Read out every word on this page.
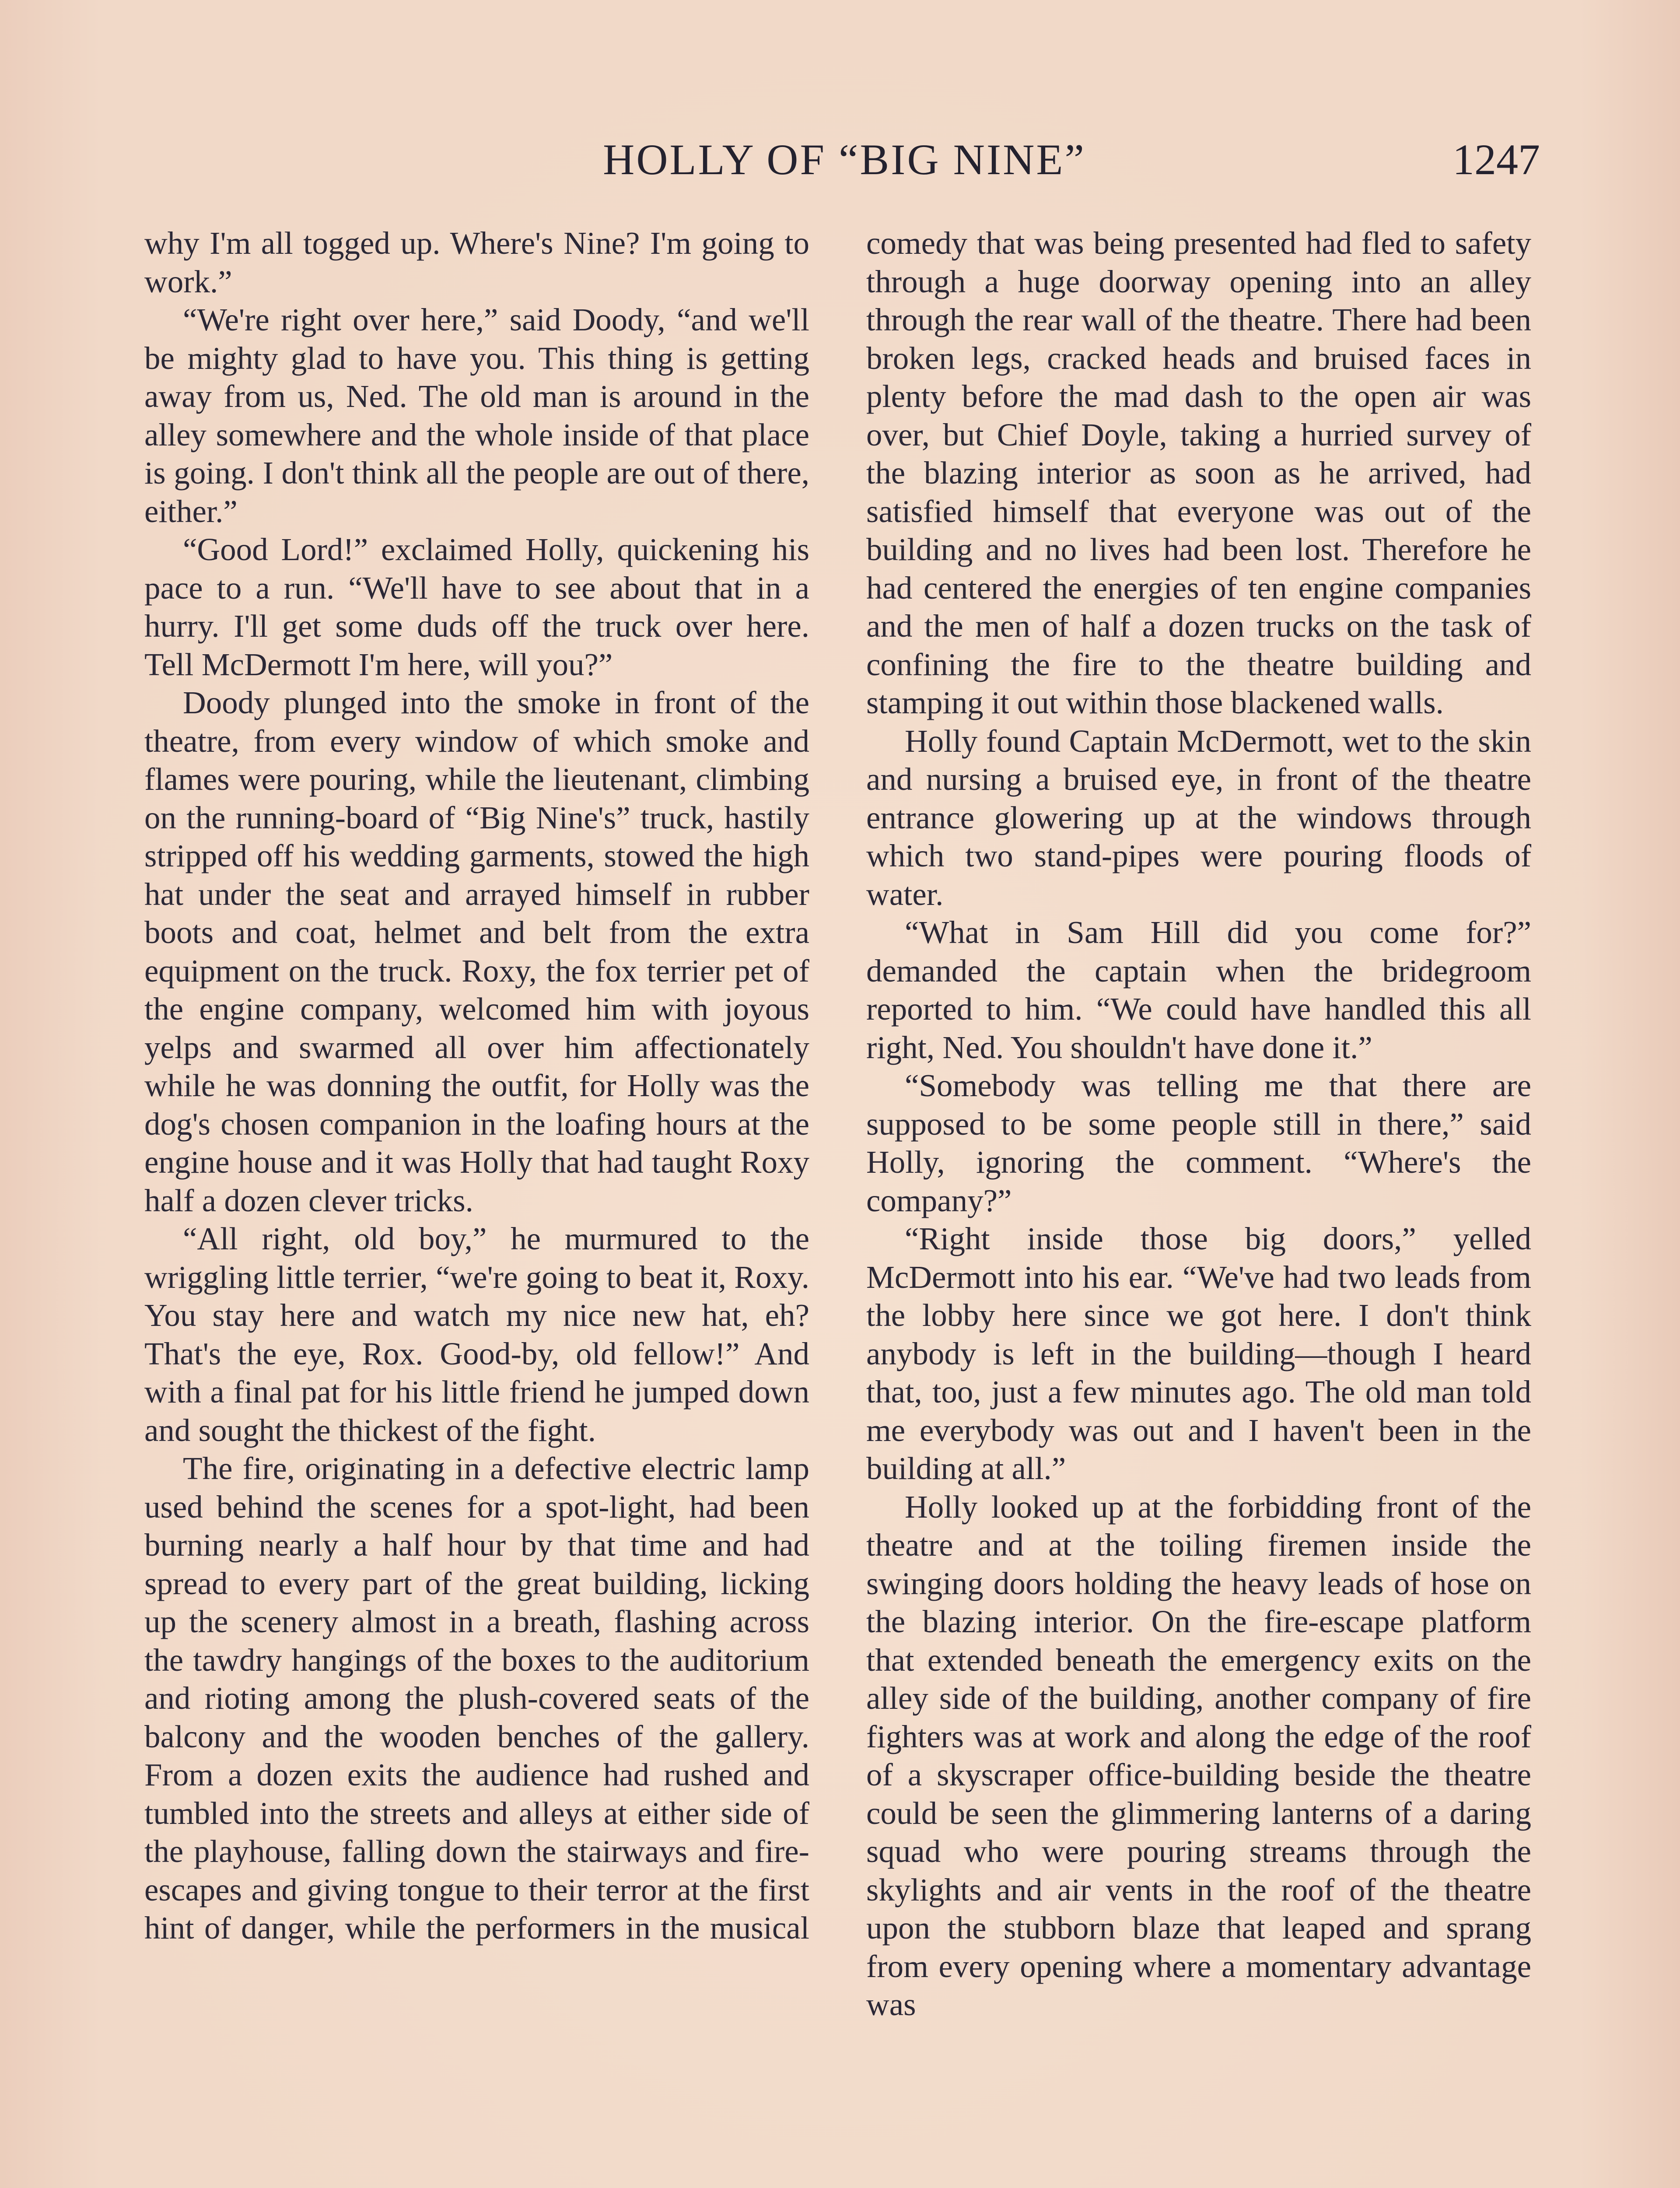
HOLLY OF “BIG NINE”	1247

why I'm all togged up. Where's Nine? I'm going to work.”

“We're right over here,” said Doody, “and we'll be mighty glad to have you. This thing is getting away from us, Ned. The old man is around in the alley somewhere and the whole inside of that place is going. I don't think all the people are out of there, either.”

“Good Lord!” exclaimed Holly, quickening his pace to a run. “We'll have to see about that in a hurry. I'll get some duds off the truck over here. Tell McDermott I'm here, will you?”

Doody plunged into the smoke in front of the theatre, from every window of which smoke and flames were pouring, while the lieutenant, climbing on the running-board of “Big Nine's” truck, hastily stripped off his wedding garments, stowed the high hat under the seat and arrayed himself in rubber boots and coat, helmet and belt from the extra equipment on the truck. Roxy, the fox terrier pet of the engine company, welcomed him with joyous yelps and swarmed all over him affectionately while he was donning the outfit, for Holly was the dog's chosen companion in the loafing hours at the engine house and it was Holly that had taught Roxy half a dozen clever tricks.

“All right, old boy,” he murmured to the wriggling little terrier, “we're going to beat it, Roxy. You stay here and watch my nice new hat, eh? That's the eye, Rox. Good-by, old fellow!” And with a final pat for his little friend he jumped down and sought the thickest of the fight.

The fire, originating in a defective electric lamp used behind the scenes for a spot-light, had been burning nearly a half hour by that time and had spread to every part of the great building, licking up the scenery almost in a breath, flashing across the tawdry hangings of the boxes to the auditorium and rioting among the plush-covered seats of the balcony and the wooden benches of the gallery. From a dozen exits the audience had rushed and tumbled into the streets and alleys at either side of the playhouse, falling down the stairways and fire-escapes and giving tongue to their terror at the first hint of danger, while the performers in the musical

comedy that was being presented had fled to safety through a huge doorway opening into an alley through the rear wall of the theatre. There had been broken legs, cracked heads and bruised faces in plenty before the mad dash to the open air was over, but Chief Doyle, taking a hurried survey of the blazing interior as soon as he arrived, had satisfied himself that everyone was out of the building and no lives had been lost. Therefore he had centered the energies of ten engine companies and the men of half a dozen trucks on the task of confining the fire to the theatre building and stamping it out within those blackened walls.

Holly found Captain McDermott, wet to the skin and nursing a bruised eye, in front of the theatre entrance glowering up at the windows through which two stand-pipes were pouring floods of water.

“What in Sam Hill did you come for?” demanded the captain when the bridegroom reported to him. “We could have handled this all right, Ned. You shouldn't have done it.”

“Somebody was telling me that there are supposed to be some people still in there,” said Holly, ignoring the comment. “Where's the company?”

“Right inside those big doors,” yelled McDermott into his ear. “We've had two leads from the lobby here since we got here. I don't think anybody is left in the building—though I heard that, too, just a few minutes ago. The old man told me everybody was out and I haven't been in the building at all.”

Holly looked up at the forbidding front of the theatre and at the toiling firemen inside the swinging doors holding the heavy leads of hose on the blazing interior. On the fire-escape platform that extended beneath the emergency exits on the alley side of the building, another company of fire fighters was at work and along the edge of the roof of a skyscraper office-building beside the theatre could be seen the glimmering lanterns of a daring squad who were pouring streams through the skylights and air vents in the roof of the theatre upon the stubborn blaze that leaped and sprang from every opening where a momentary advantage was
